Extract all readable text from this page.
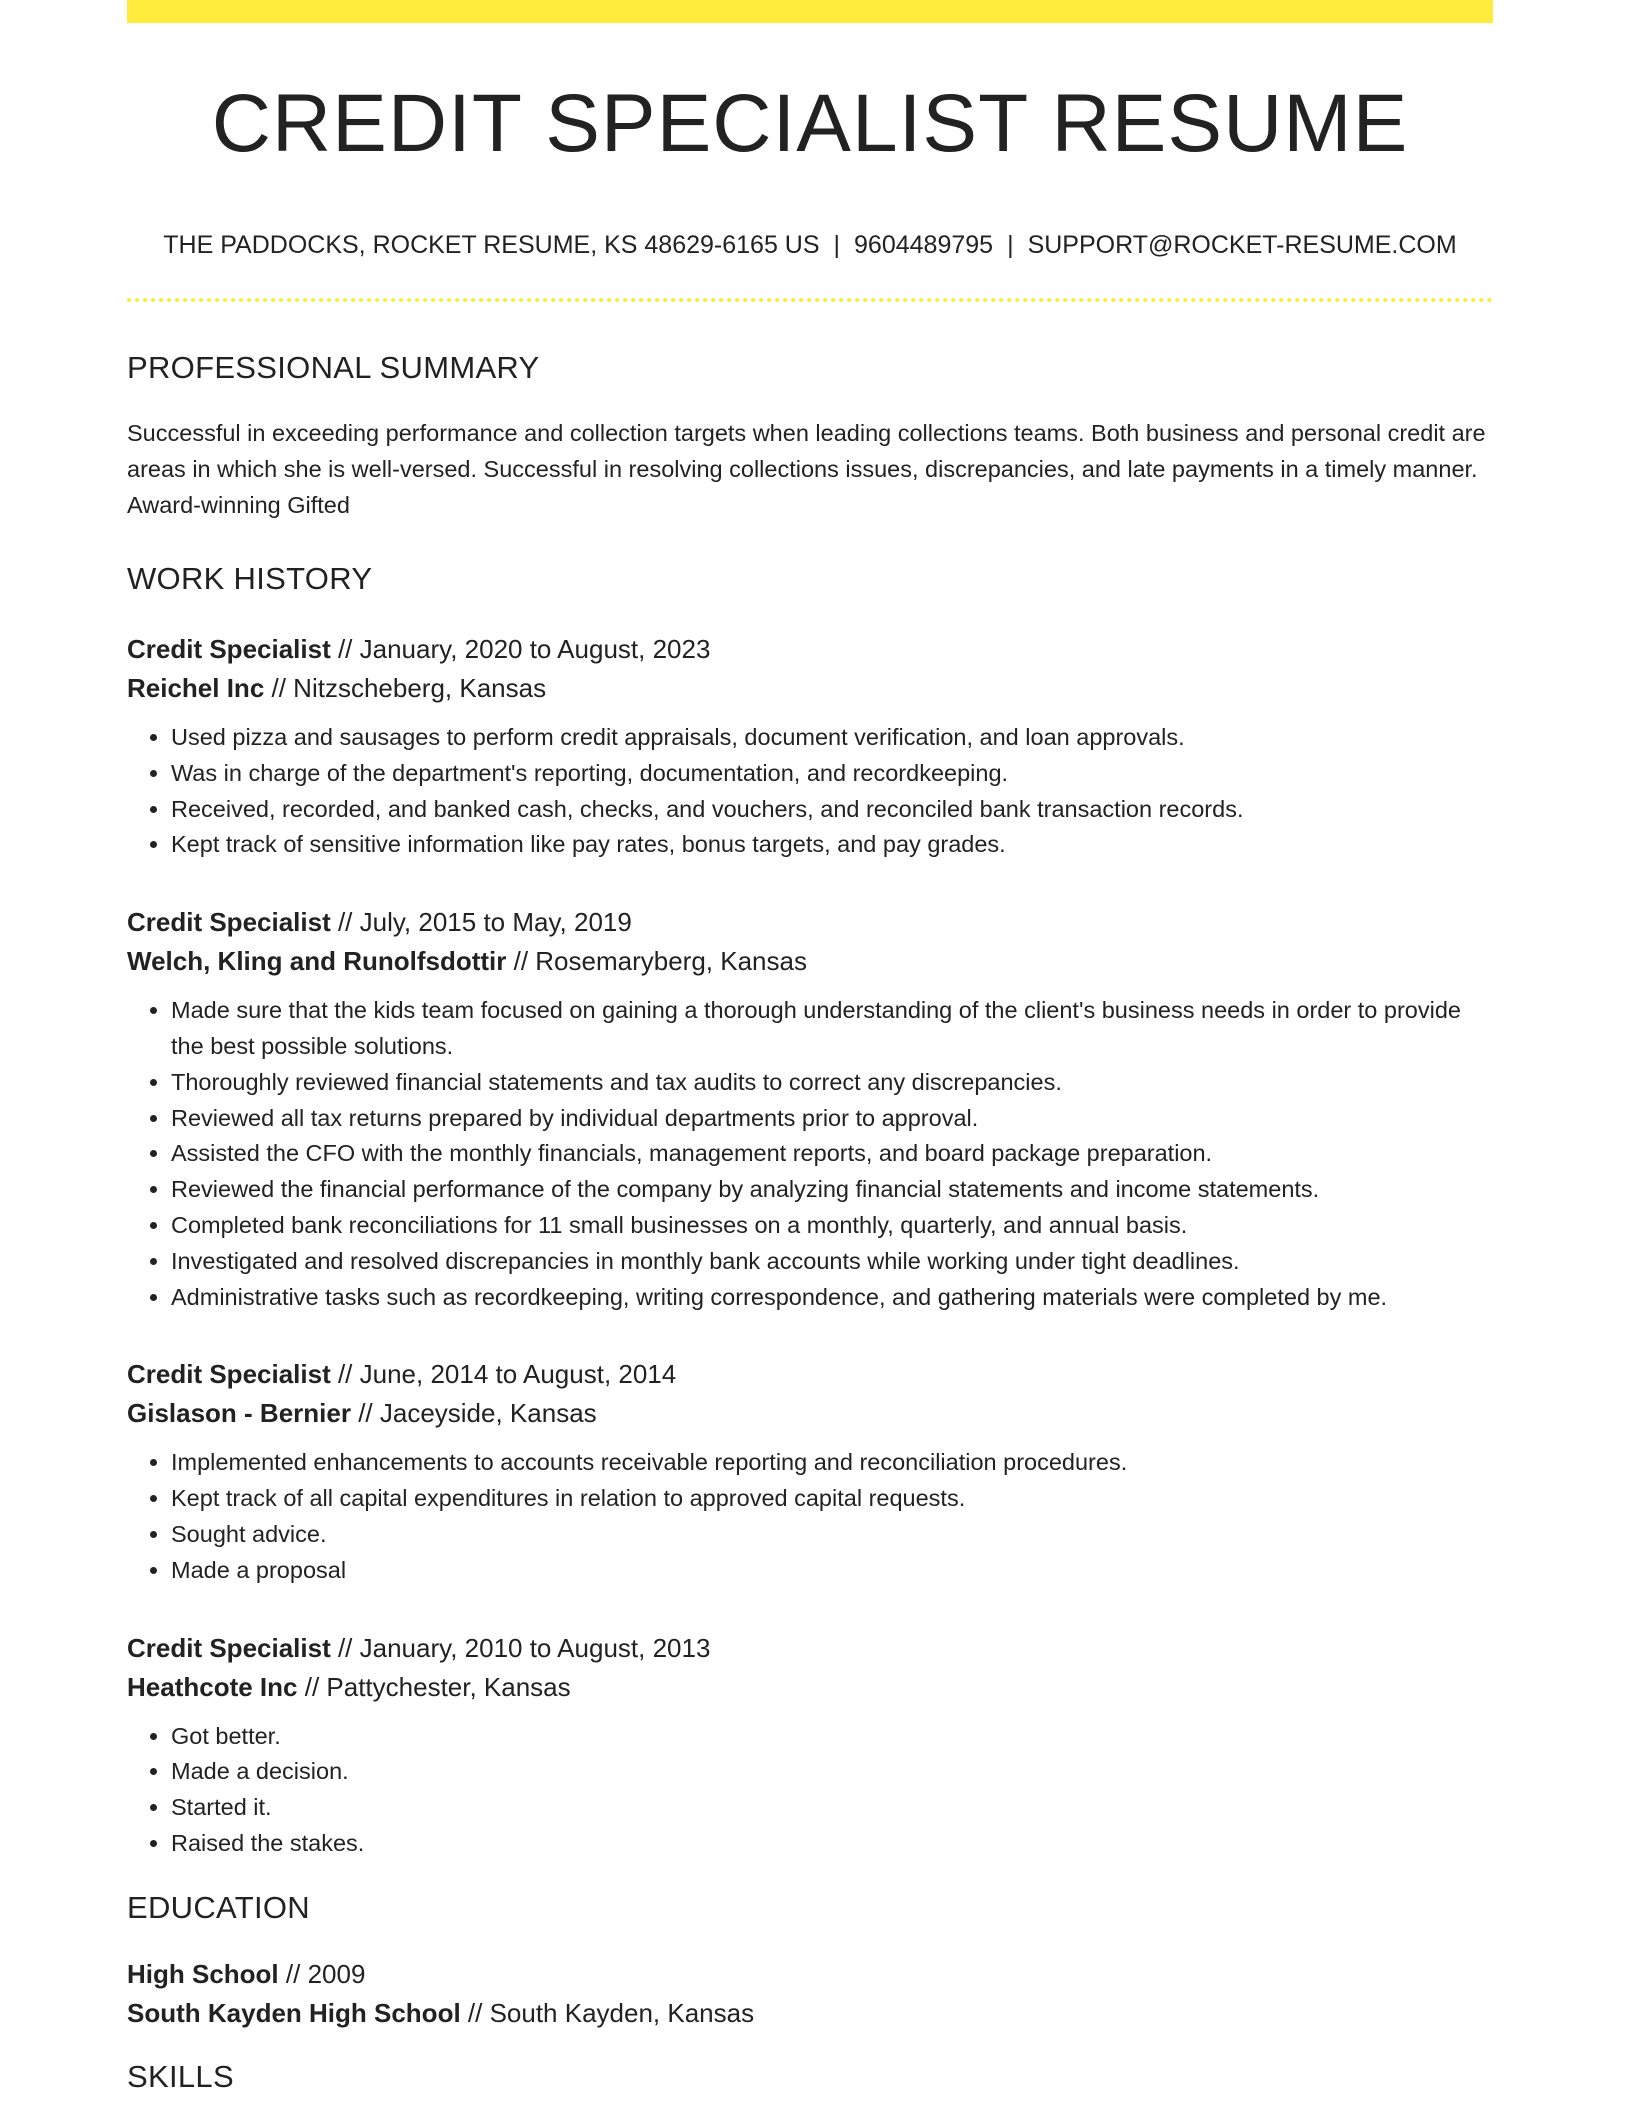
CREDIT SPECIALIST RESUME
THE PADDOCKS, ROCKET RESUME, KS 48629-6165 US | 9604489795 | SUPPORT@ROCKET-RESUME.COM
PROFESSIONAL SUMMARY

Successful in exceeding performance and collection targets when leading collections teams. Both business and personal credit are areas in which she is well-versed. Successful in resolving collections issues, discrepancies, and late payments in a timely manner. Award-winning Gifted

WORK HISTORY
Credit Specialist // January, 2020 to August, 2023
Reichel Inc // Nitzscheberg, Kansas
• Used pizza and sausages to perform credit appraisals, document verification, and loan approvals.
• Was in charge of the department's reporting, documentation, and recordkeeping.
• Received, recorded, and banked cash, checks, and vouchers, and reconciled bank transaction records.
• Kept track of sensitive information like pay rates, bonus targets, and pay grades.
Credit Specialist // July, 2015 to May, 2019
Welch, Kling and Runolfsdottir // Rosemaryberg, Kansas
• Made sure that the kids team focused on gaining a thorough understanding of the client's business needs in order to provide the best possible solutions.
• Thoroughly reviewed financial statements and tax audits to correct any discrepancies.
• Reviewed all tax returns prepared by individual departments prior to approval.
• Assisted the CFO with the monthly financials, management reports, and board package preparation.
• Reviewed the financial performance of the company by analyzing financial statements and income statements.
• Completed bank reconciliations for 11 small businesses on a monthly, quarterly, and annual basis.
• Investigated and resolved discrepancies in monthly bank accounts while working under tight deadlines.
• Administrative tasks such as recordkeeping, writing correspondence, and gathering materials were completed by me.
Credit Specialist // June, 2014 to August, 2014
Gislason - Bernier // Jaceyside, Kansas
• Implemented enhancements to accounts receivable reporting and reconciliation procedures.
• Kept track of all capital expenditures in relation to approved capital requests.
• Sought advice.
• Made a proposal
Credit Specialist // January, 2010 to August, 2013
Heathcote Inc // Pattychester, Kansas
• Got better.
• Made a decision.
• Started it.
• Raised the stakes.
EDUCATION
High School // 2009
South Kayden High School // South Kayden, Kansas
SKILLS
